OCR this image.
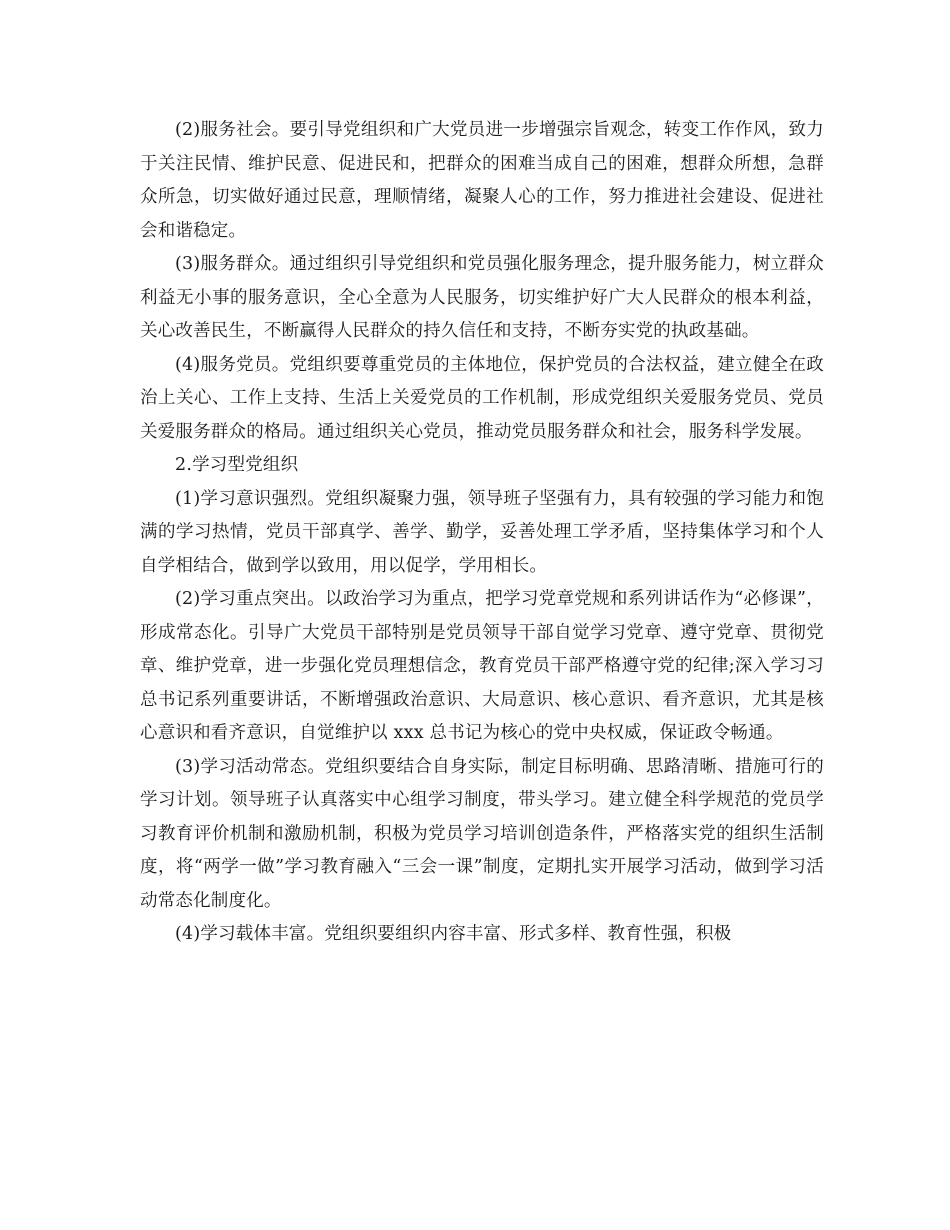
(2)服务社会。要引导党组织和广大党员进一步增强宗旨观念，转变工作作风，致力于关注民情、维护民意、促进民和，把群众的困难当成自己的困难，想群众所想，急群众所急，切实做好通过民意，理顺情绪，凝聚人心的工作，努力推进社会建设、促进社会和谐稳定。

(3)服务群众。通过组织引导党组织和党员强化服务理念，提升服务能力，树立群众利益无小事的服务意识，全心全意为人民服务，切实维护好广大人民群众的根本利益，关心改善民生，不断赢得人民群众的持久信任和支持，不断夯实党的执政基础。

(4)服务党员。党组织要尊重党员的主体地位，保护党员的合法权益，建立健全在政治上关心、工作上支持、生活上关爱党员的工作机制，形成党组织关爱服务党员、党员关爱服务群众的格局。通过组织关心党员，推动党员服务群众和社会，服务科学发展。

2.学习型党组织

(1)学习意识强烈。党组织凝聚力强，领导班子坚强有力，具有较强的学习能力和饱满的学习热情，党员干部真学、善学、勤学，妥善处理工学矛盾，坚持集体学习和个人自学相结合，做到学以致用，用以促学，学用相长。

(2)学习重点突出。以政治学习为重点，把学习党章党规和系列讲话作为“必修课”，形成常态化。引导广大党员干部特别是党员领导干部自觉学习党章、遵守党章、贯彻党章、维护党章，进一步强化党员理想信念，教育党员干部严格遵守党的纪律;深入学习习总书记系列重要讲话，不断增强政治意识、大局意识、核心意识、看齐意识，尤其是核心意识和看齐意识，自觉维护以 xxx 总书记为核心的党中央权威，保证政令畅通。

(3)学习活动常态。党组织要结合自身实际，制定目标明确、思路清晰、措施可行的学习计划。领导班子认真落实中心组学习制度，带头学习。建立健全科学规范的党员学习教育评价机制和激励机制，积极为党员学习培训创造条件，严格落实党的组织生活制度，将“两学一做”学习教育融入“三会一课”制度，定期扎实开展学习活动，做到学习活动常态化制度化。

(4)学习载体丰富。党组织要组织内容丰富、形式多样、教育性强，积极
